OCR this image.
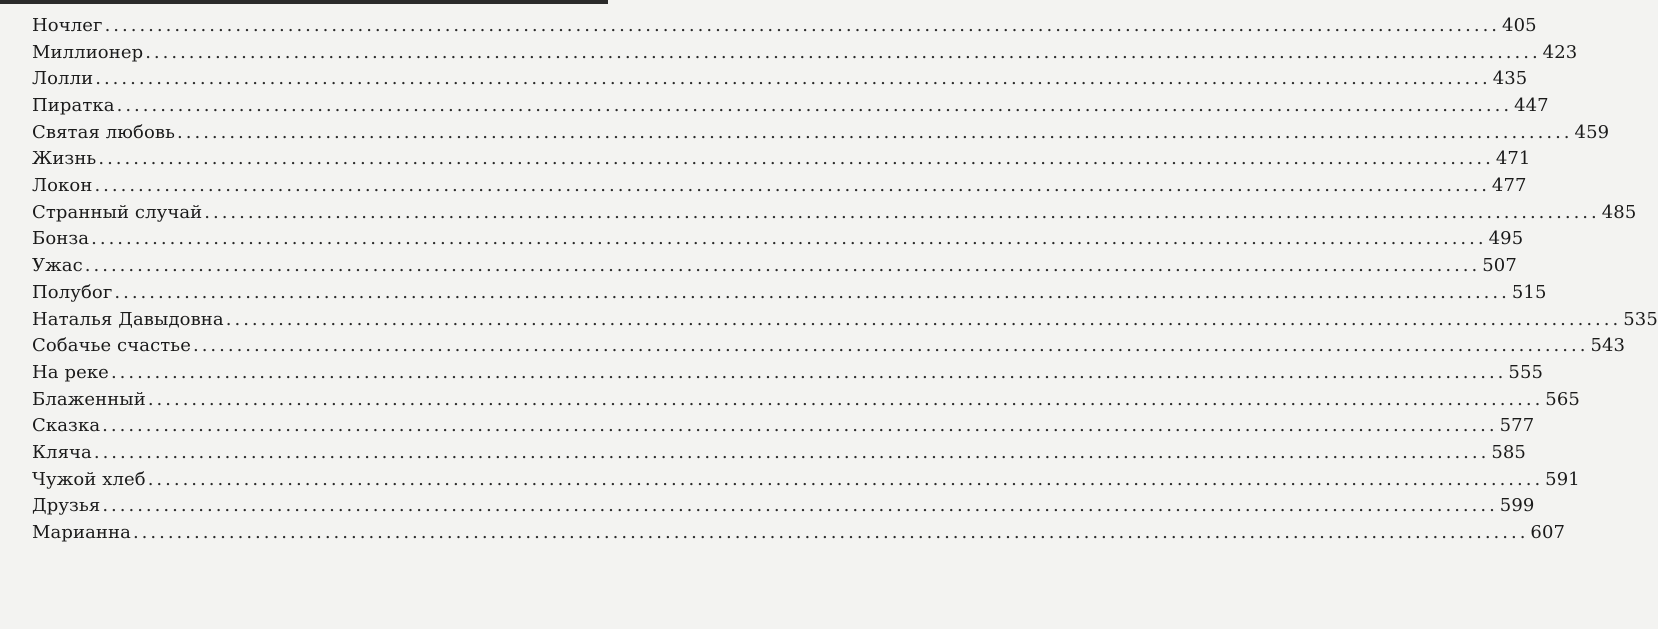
Ночлег ................................................................................................................................................................ 405
Миллионер ................................................................................................................................................................ 423
Лолли ................................................................................................................................................................ 435
Пиратка ................................................................................................................................................................ 447
Святая любовь ................................................................................................................................................................ 459
Жизнь ................................................................................................................................................................ 471
Локон ................................................................................................................................................................ 477
Странный случай ................................................................................................................................................................ 485
Бонза ................................................................................................................................................................ 495
Ужас ................................................................................................................................................................ 507
Полубог ................................................................................................................................................................ 515
Наталья Давыдовна ................................................................................................................................................................ 535
Собачье счастье ................................................................................................................................................................ 543
На реке ................................................................................................................................................................ 555
Блаженный ................................................................................................................................................................ 565
Сказка ................................................................................................................................................................ 577
Кляча ................................................................................................................................................................ 585
Чужой хлеб ................................................................................................................................................................ 591
Друзья ................................................................................................................................................................ 599
Марианна ................................................................................................................................................................ 607
